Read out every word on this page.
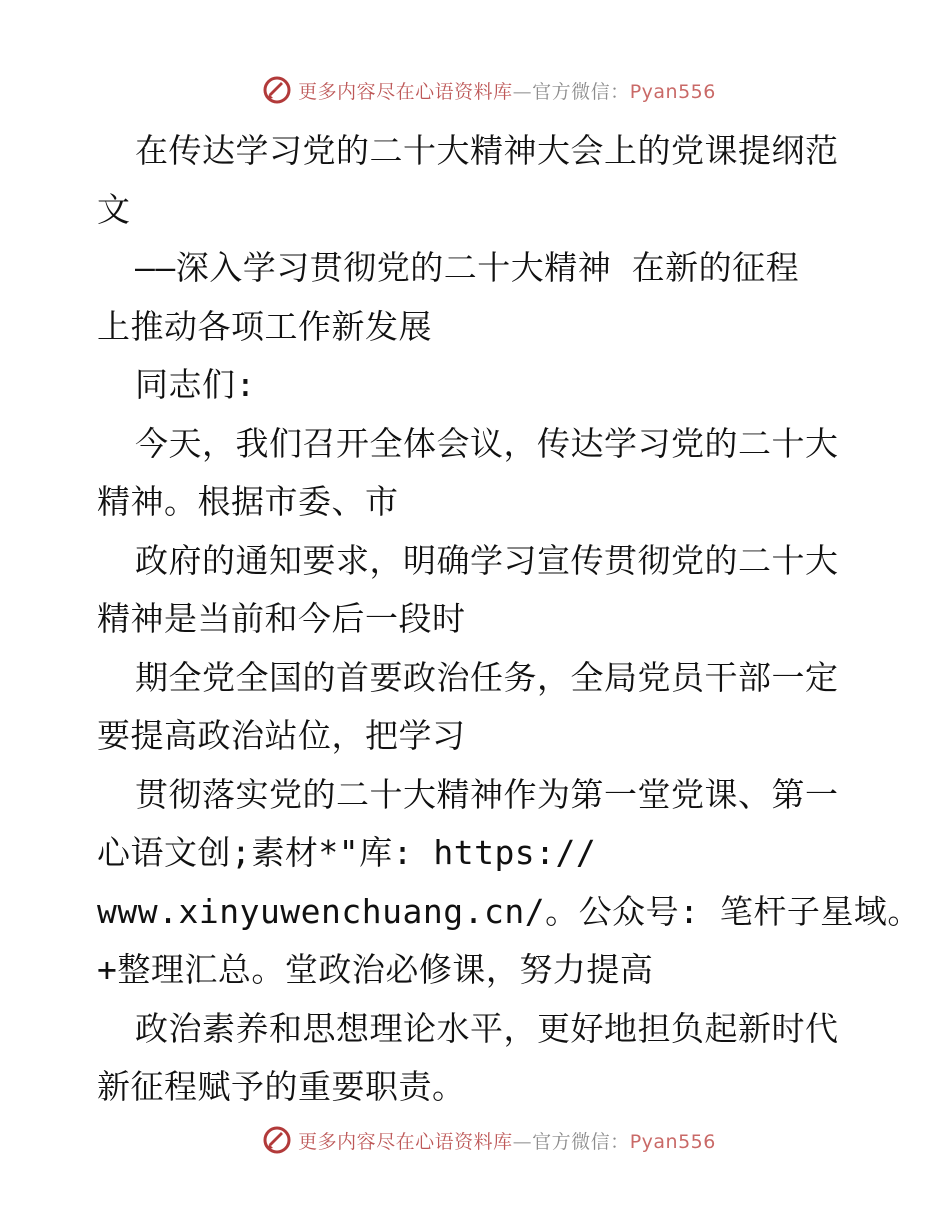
更多内容尽在心语资料库—官方微信：Pyan556
在传达学习党的二十大精神大会上的党课提纲范
文
——深入学习贯彻党的二十大精神 在新的征程
上推动各项工作新发展
同志们:
今天，我们召开全体会议，传达学习党的二十大
精神。根据市委、市
政府的通知要求，明确学习宣传贯彻党的二十大
精神是当前和今后一段时
期全党全国的首要政治任务，全局党员干部一定
要提高政治站位，把学习
贯彻落实党的二十大精神作为第一堂党课、第一
心语文创;素材*"库: https://
www.xinyuwenchuang.cn/。公众号: 笔杆子星域。
+整理汇总。堂政治必修课，努力提高
政治素养和思想理论水平，更好地担负起新时代
新征程赋予的重要职责。
更多内容尽在心语资料库—官方微信：Pyan556
